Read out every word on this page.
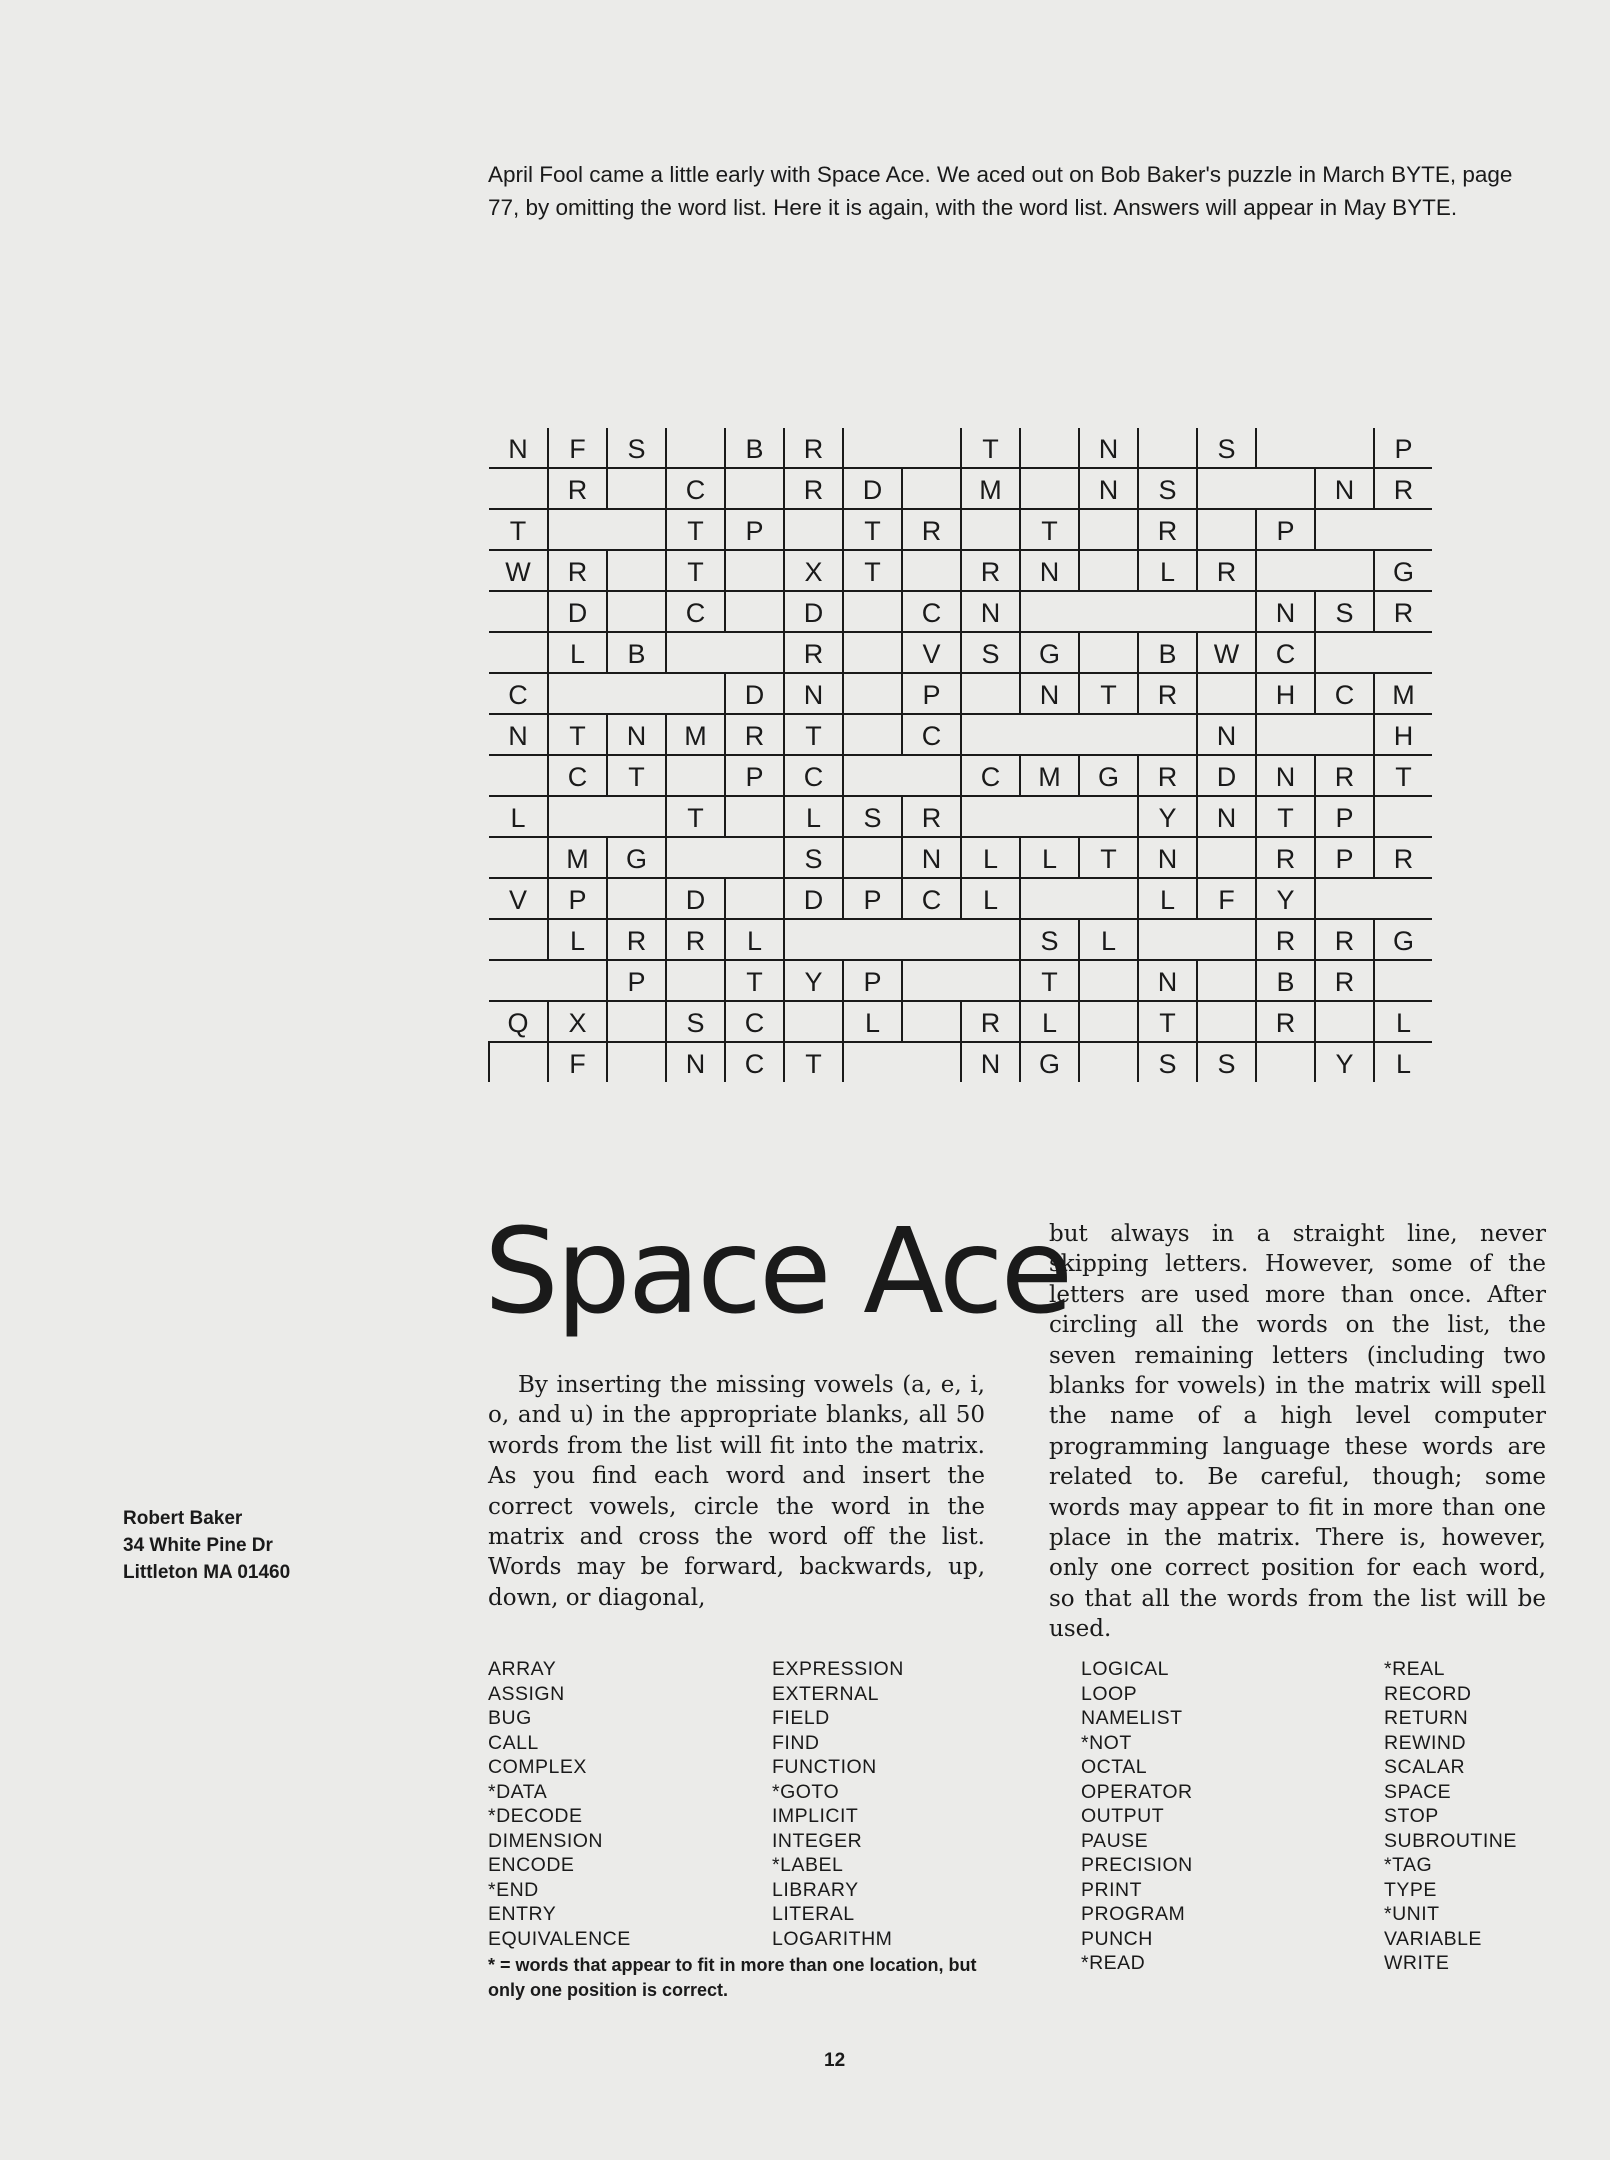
April Fool came a little early with Space Ace. We aced out on Bob Baker's puzzle in March BYTE, page 77, by omitting the word list. Here it is again, with the word list. Answers will appear in May BYTE.

N	F	S		B	R			T		N		S			P
	R		C		R	D		M		N	S			N	R
T			T	P		T	R		T		R		P		
W	R		T		X	T		R	N		L	R			G
	D		C		D		C	N					N	S	R
	L	B			R		V	S	G		B	W	C		
C				D	N		P		N	T	R		H	C	M
N	T	N	M	R	T		C					N			H
	C	T		P	C			C	M	G	R	D	N	R	T
L			T		L	S	R				Y	N	T	P	
	M	G			S		N	L	L	T	N		R	P	R
V	P		D		D	P	C	L			L	F	Y		
	L	R	R	L					S	L			R	R	G
		P		T	Y	P			T		N		B	R	
Q	X		S	C		L		R	L		T		R		L
	F		N	C	T			N	G		S	S		Y	L
Space Ace

By inserting the missing vowels (a, e, i, o, and u) in the appropriate blanks, all 50 words from the list will fit into the matrix. As you find each word and insert the correct vowels, circle the word in the matrix and cross the word off the list. Words may be forward, backwards, up, down, or diagonal,

but always in a straight line, never skipping letters. However, some of the letters are used more than once. After circling all the words on the list, the seven remaining letters (including two blanks for vowels) in the matrix will spell the name of a high level computer programming language these words are related to. Be careful, though; some words may appear to fit in more than one place in the matrix. There is, however, only one correct position for each word, so that all the words from the list will be used.

Robert Baker
34 White Pine Dr
Littleton MA 01460
ARRAY
ASSIGN
BUG
CALL
COMPLEX
*DATA
*DECODE
DIMENSION
ENCODE
*END
ENTRY
EQUIVALENCE
EXPRESSION
EXTERNAL
FIELD
FIND
FUNCTION
*GOTO
IMPLICIT
INTEGER
*LABEL
LIBRARY
LITERAL
LOGARITHM
LOGICAL
LOOP
NAMELIST
*NOT
OCTAL
OPERATOR
OUTPUT
PAUSE
PRECISION
PRINT
PROGRAM
PUNCH
*READ
*REAL
RECORD
RETURN
REWIND
SCALAR
SPACE
STOP
SUBROUTINE
*TAG
TYPE
*UNIT
VARIABLE
WRITE

* = words that appear to fit in more than one location, but only one position is correct.

12
